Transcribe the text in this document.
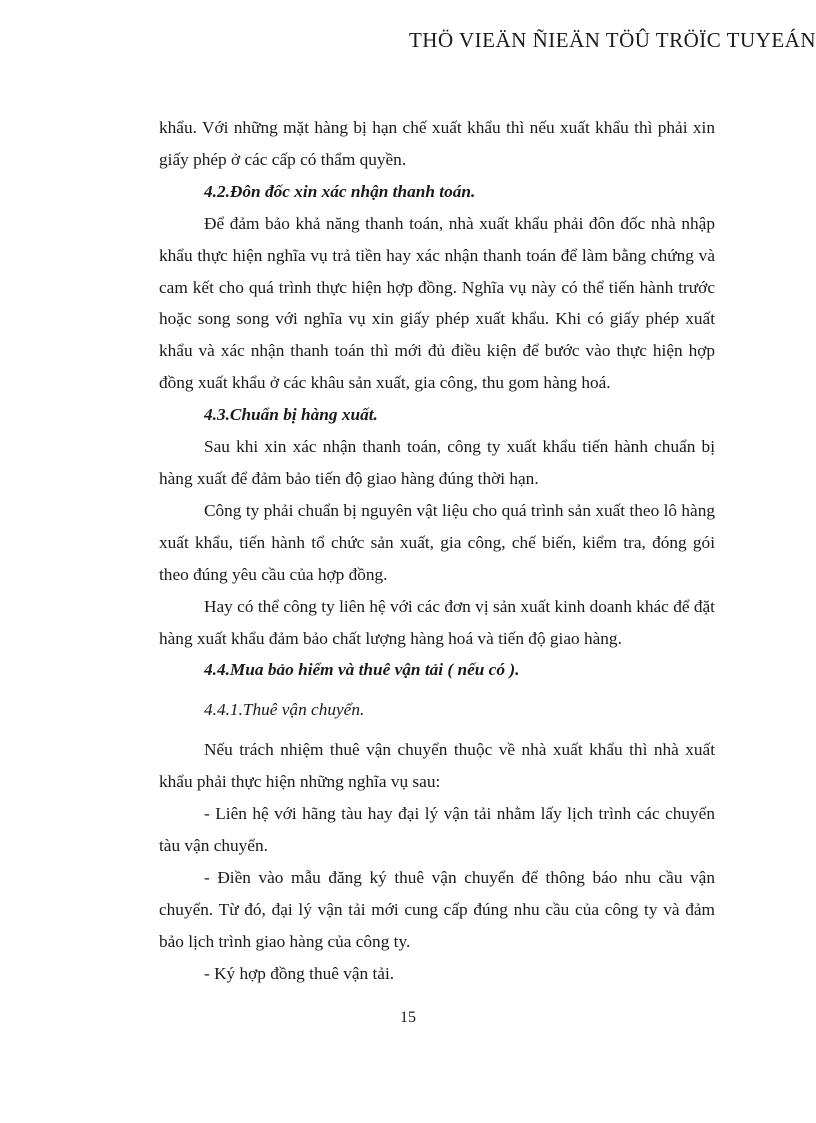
THÖ VIEÄN ÑIEÄN TÖÛ TRÖÏC TUYEÁN

khẩu. Với những mặt hàng bị hạn chế xuất khẩu thì nếu xuất khẩu thì phải xin giấy phép ở các cấp có thẩm quyền.

4.2.Đôn đốc xin xác nhận thanh toán.

Để đảm bảo khả năng thanh toán, nhà xuất khẩu phải đôn đốc nhà nhập khẩu thực hiện nghĩa vụ trả tiền hay xác nhận thanh toán để làm bằng chứng và cam kết cho quá trình thực hiện hợp đồng. Nghĩa vụ này có thể tiến hành trước hoặc song song với nghĩa vụ xin giấy phép xuất khẩu. Khi có giấy phép xuất khẩu và xác nhận thanh toán thì mới đủ điều kiện để bước vào thực hiện hợp đồng xuất khẩu ở các khâu sản xuất, gia công, thu gom hàng hoá.

4.3.Chuẩn bị hàng xuất.

Sau khi xin xác nhận thanh toán, công ty xuất khẩu tiến hành chuẩn bị hàng xuất để đảm bảo tiến độ giao hàng đúng thời hạn.

Công ty phải chuẩn bị nguyên vật liệu cho quá trình sản xuất theo lô hàng xuất khẩu, tiến hành tổ chức sản xuất, gia công, chế biến, kiểm tra, đóng gói theo đúng yêu cầu của hợp đồng.

Hay có thể công ty liên hệ với các đơn vị sản xuất kinh doanh khác để đặt hàng xuất khẩu đảm bảo chất lượng hàng hoá và tiến độ giao hàng.

4.4.Mua bảo hiểm và thuê vận tải ( nếu có ).

4.4.1.Thuê vận chuyển.

Nếu trách nhiệm thuê vận chuyển thuộc về nhà xuất khẩu thì nhà xuất khẩu phải thực hiện những nghĩa vụ sau:

- Liên hệ với hãng tàu hay đại lý vận tải nhằm lấy lịch trình các chuyến tàu vận chuyển.

- Điền vào mẫu đăng ký thuê vận chuyển để thông báo nhu cầu vận chuyển. Từ đó, đại lý vận tải mới cung cấp đúng nhu cầu của công ty và đảm bảo lịch trình giao hàng của công ty.

- Ký hợp đồng thuê vận tải.

15
